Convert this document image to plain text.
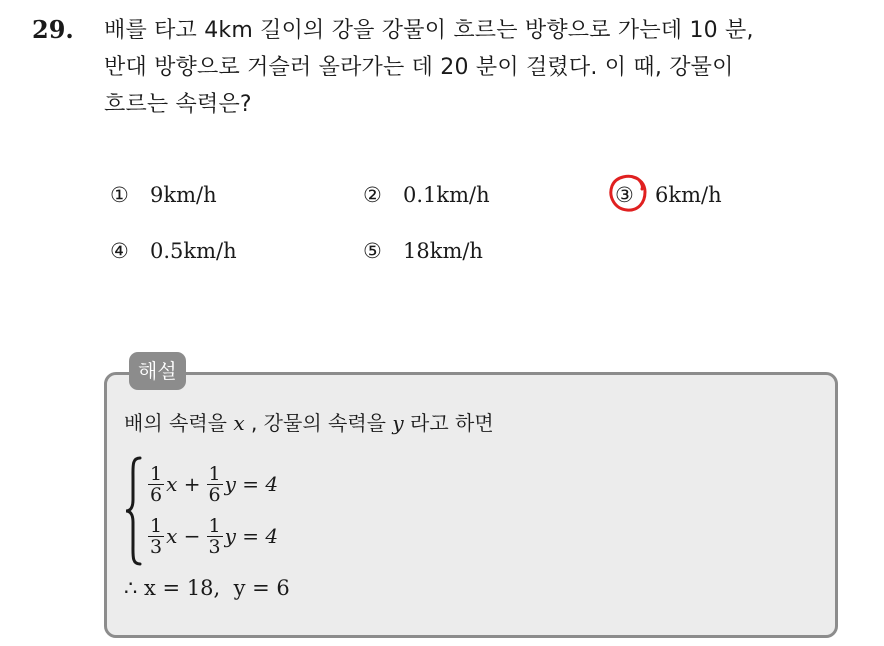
29. 배를 타고 4km 길이의 강을 강물이 흐르는 방향으로 가는데 10 분,
반대 방향으로 거슬러 올라가는 데 20 분이 걸렸다. 이 때, 강물이
흐르는 속력은?
① 9km/h	② 0.1km/h	③ 6km/h
④ 0.5km/h	⑤ 18km/h
해설
배의 속력을 x , 강물의 속력을 y 라고 하면
$\frac{1}{6}$ $x + \frac{1}{6}$ y = 4
$\frac{1}{3}$ $x - \frac{1}{3}$ y = 4
∴ x = 18,  y = 6
